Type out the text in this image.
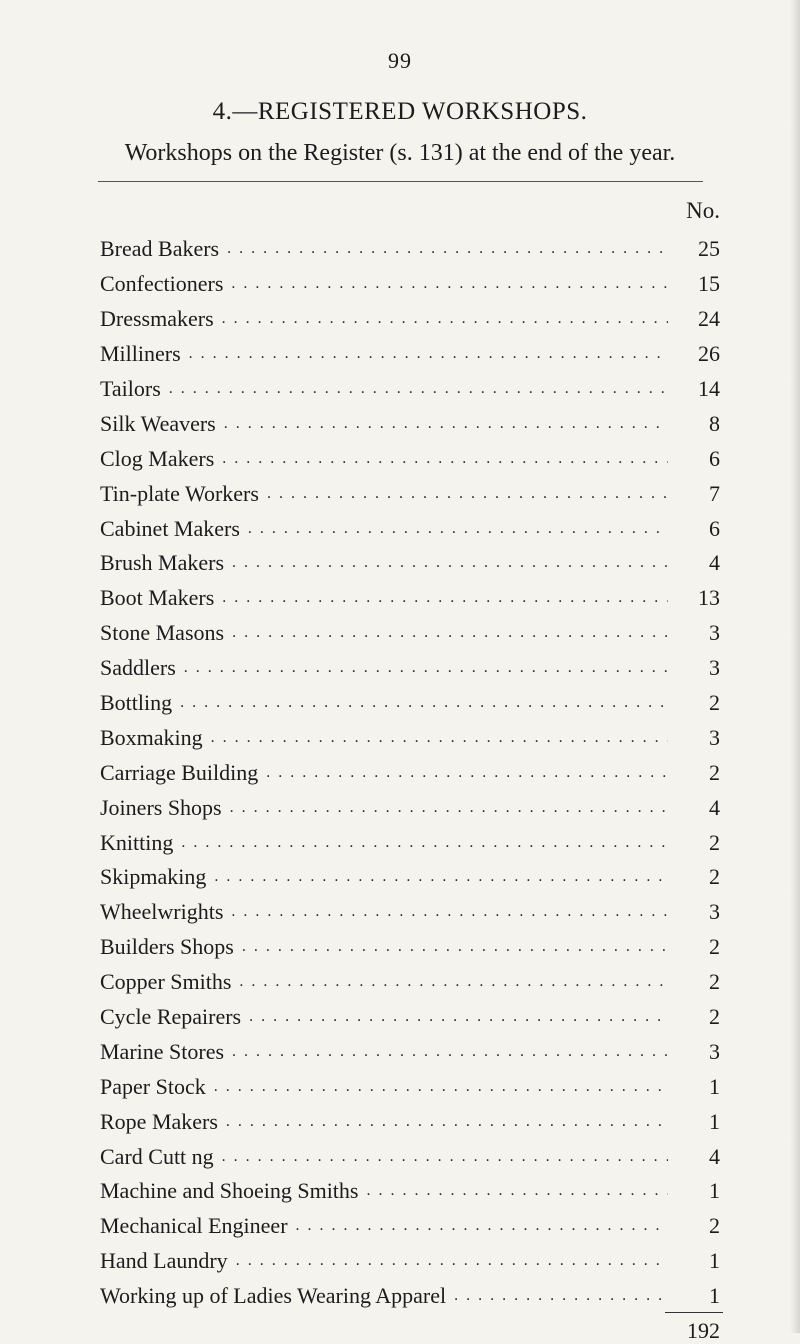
99
4.—REGISTERED WORKSHOPS.
Workshops on the Register (s. 131) at the end of the year.
No.
Bread Bakers . . .	25
Confectioners . . .	15
Dressmakers . . .	24
Milliners . . .	26
Tailors . . .	14
Silk Weavers . . .	8
Clog Makers . . .	6
Tin-plate Workers . . .	7
Cabinet Makers . . .	6
Brush Makers . . .	4
Boot Makers . . .	13
Stone Masons . . .	3
Saddlers . . .	3
Bottling . . .	2
Boxmaking . . .	3
Carriage Building . . .	2
Joiners Shops . . .	4
Knitting . . .	2
Skipmaking . . .	2
Wheelwrights . . .	3
Builders Shops . . .	2
Copper Smiths . . .	2
Cycle Repairers . . .	2
Marine Stores . . .	3
Paper Stock . . .	1
Rope Makers . . .	1
Card Cutt ng . . .	4
Machine and Shoeing Smiths . . .	1
Mechanical Engineer . . .	2
Hand Laundry . . .	1
Working up of Ladies Wearing Apparel . . .	1
192
